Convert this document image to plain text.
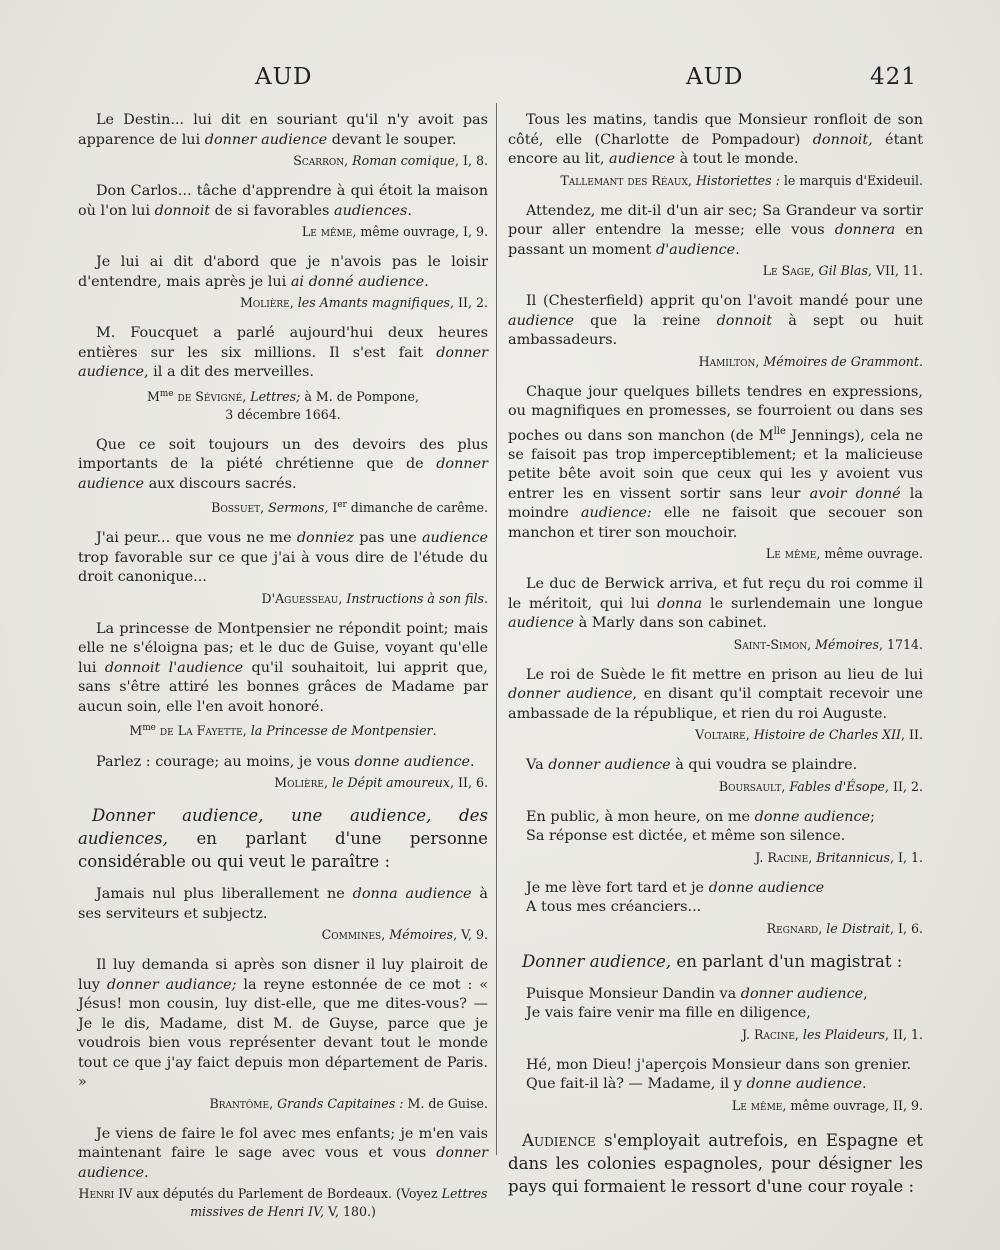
AUD	AUD	421

Le Destin... lui dit en souriant qu'il n'y avoit pas apparence de lui donner audience devant le souper.

Scarron, Roman comique, I, 8.

Don Carlos... tâche d'apprendre à qui étoit la maison où l'on lui donnoit de si favorables audiences.

Le même, même ouvrage, I, 9.

Je lui ai dit d'abord que je n'avois pas le loisir d'entendre, mais après je lui ai donné audience.

Molière, les Amants magnifiques, II, 2.

M. Foucquet a parlé aujourd'hui deux heures entières sur les six millions. Il s'est fait donner audience, il a dit des merveilles.

$M^{me}$ de Sévigné, Lettres; à M. de Pompone,
3 décembre 1664.

Que ce soit toujours un des devoirs des plus importants de la piété chrétienne que de donner audience aux discours sacrés.

Bossuet, Sermons, Ier dimanche de carême.

J'ai peur... que vous ne me donniez pas une audience trop favorable sur ce que j'ai à vous dire de l'étude du droit canonique...

D'Aguesseau, Instructions à son fils.

La princesse de Montpensier ne répondit point; mais elle ne s'éloigna pas; et le duc de Guise, voyant qu'elle lui donnoit l'audience qu'il souhaitoit, lui apprit que, sans s'être attiré les bonnes grâces de Madame par aucun soin, elle l'en avoit honoré.

$M^{me}$ de La Fayette, la Princesse de Montpensier.

Parlez : courage; au moins, je vous donne audience.

Molière, le Dépit amoureux, II, 6.

Donner audience, une audience, des audiences, en parlant d'une personne considérable ou qui veut le paraître :

Jamais nul plus liberallement ne donna audience à ses serviteurs et subjectz.

Commines, Mémoires, V, 9.

Il luy demanda si après son disner il luy plairoit de luy donner audiance; la reyne estonnée de ce mot : « Jésus! mon cousin, luy dist-elle, que me dites-vous? — Je le dis, Madame, dist M. de Guyse, parce que je voudrois bien vous représenter devant tout le monde tout ce que j'ay faict depuis mon département de Paris. »

Brantôme, Grands Capitaines : M. de Guise.

Je viens de faire le fol avec mes enfants; je m'en vais maintenant faire le sage avec vous et vous donner audience.

Henri IV aux députés du Parlement de Bordeaux. (Voyez Lettres missives de Henri IV, V, 180.)

Tous les matins, tandis que Monsieur ronfloit de son côté, elle (Charlotte de Pompadour) donnoit, étant encore au lit, audience à tout le monde.

Tallemant des Réaux, Historiettes : le marquis d'Exideuil.

Attendez, me dit-il d'un air sec; Sa Grandeur va sortir pour aller entendre la messe; elle vous donnera en passant un moment d'audience.

Le Sage, Gil Blas, VII, 11.

Il (Chesterfield) apprit qu'on l'avoit mandé pour une audience que la reine donnoit à sept ou huit ambassadeurs.

Hamilton, Mémoires de Grammont.

Chaque jour quelques billets tendres en expressions, ou magnifiques en promesses, se fourroient ou dans ses poches ou dans son manchon (de $M^{lle}$ Jennings), cela ne se faisoit pas trop imperceptiblement; et la malicieuse petite bête avoit soin que ceux qui les y avoient vus entrer les en vissent sortir sans leur avoir donné la moindre audience: elle ne faisoit que secouer son manchon et tirer son mouchoir.

Le même, même ouvrage.

Le duc de Berwick arriva, et fut reçu du roi comme il le méritoit, qui lui donna le surlendemain une longue audience à Marly dans son cabinet.

Saint-Simon, Mémoires, 1714.

Le roi de Suède le fit mettre en prison au lieu de lui donner audience, en disant qu'il comptait recevoir une ambassade de la république, et rien du roi Auguste.

Voltaire, Histoire de Charles XII, II.

Va donner audience à qui voudra se plaindre.

Boursault, Fables d'Ésope, II, 2.

En public, à mon heure, on me donne audience;

Sa réponse est dictée, et même son silence.

J. Racine, Britannicus, I, 1.

Je me lève fort tard et je donne audience

A tous mes créanciers...

Regnard, le Distrait, I, 6.

Donner audience, en parlant d'un magistrat :

Puisque Monsieur Dandin va donner audience,

Je vais faire venir ma fille en diligence,

J. Racine, les Plaideurs, II, 1.

Hé, mon Dieu! j'aperçois Monsieur dans son grenier.

Que fait-il là? — Madame, il y donne audience.

Le même, même ouvrage, II, 9.

Audience s'employait autrefois, en Espagne et dans les colonies espagnoles, pour désigner les pays qui formaient le ressort d'une cour royale :
